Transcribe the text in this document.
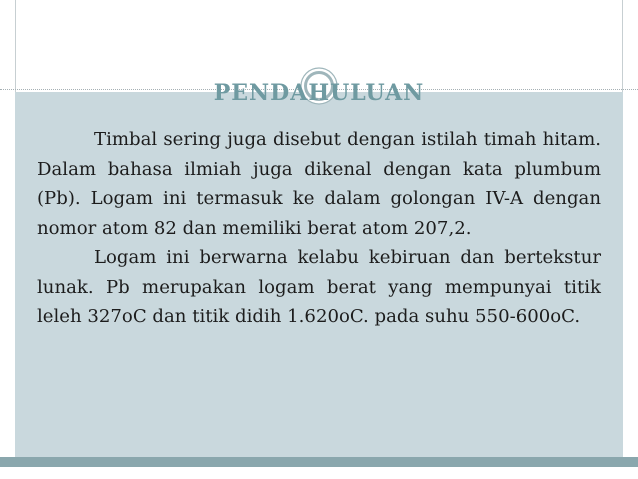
PENDAHULUAN

Timbal sering juga disebut dengan istilah timah hitam. Dalam bahasa ilmiah juga dikenal dengan kata plumbum (Pb). Logam ini termasuk ke dalam golongan IV-A dengan nomor atom 82 dan memiliki berat atom 207,2.

Logam ini berwarna kelabu kebiruan dan bertekstur lunak. Pb merupakan logam berat yang mempunyai titik leleh 327oC dan titik didih 1.620oC. pada suhu 550-600oC.
